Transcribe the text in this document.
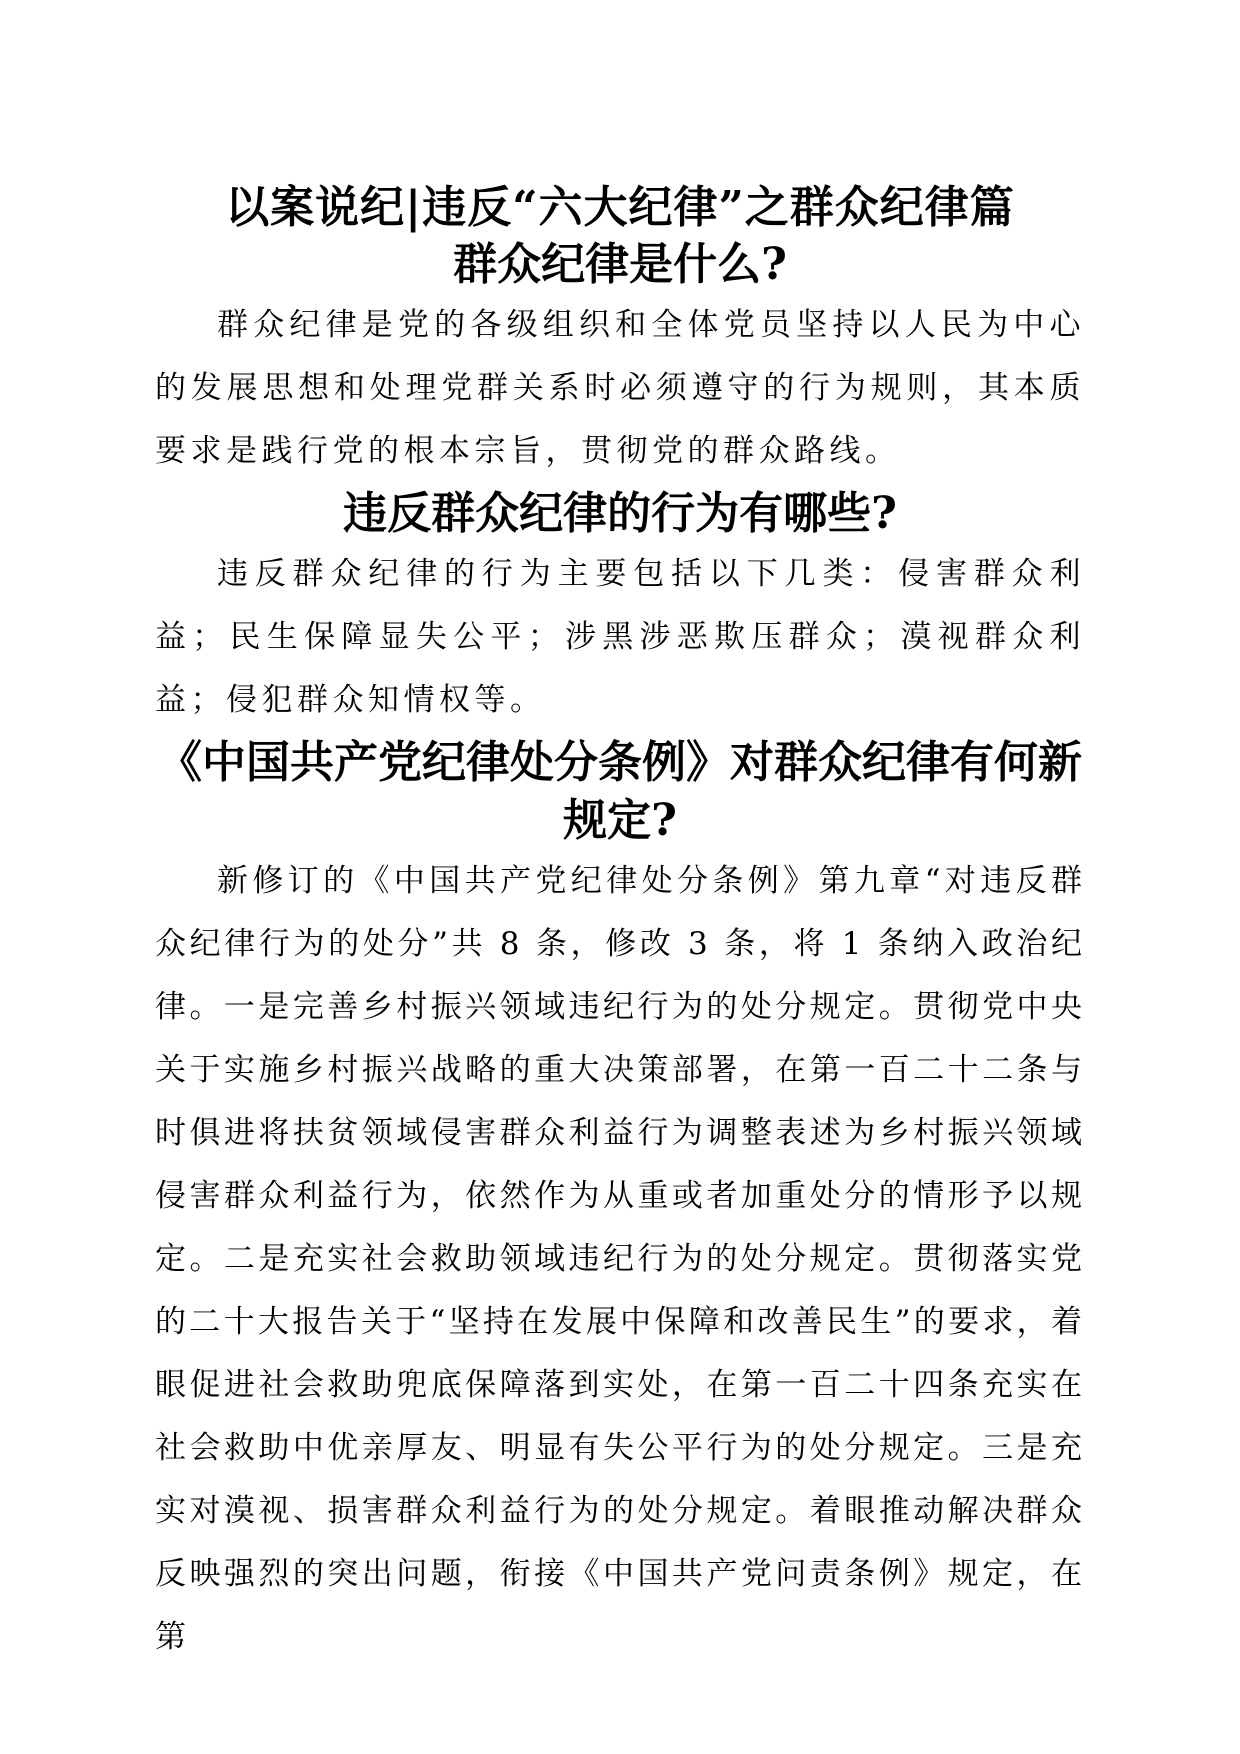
以案说纪|违反“六大纪律”之群众纪律篇
群众纪律是什么?

群众纪律是党的各级组织和全体党员坚持以人民为中心的发展思想和处理党群关系时必须遵守的行为规则，其本质要求是践行党的根本宗旨，贯彻党的群众路线。

违反群众纪律的行为有哪些?

违反群众纪律的行为主要包括以下几类：侵害群众利益；民生保障显失公平；涉黑涉恶欺压群众；漠视群众利益；侵犯群众知情权等。

《中国共产党纪律处分条例》对群众纪律有何新规定?

新修订的《中国共产党纪律处分条例》第九章“对违反群众纪律行为的处分”共 8 条，修改 3 条，将 1 条纳入政治纪律。一是完善乡村振兴领域违纪行为的处分规定。贯彻党中央关于实施乡村振兴战略的重大决策部署，在第一百二十二条与时俱进将扶贫领域侵害群众利益行为调整表述为乡村振兴领域侵害群众利益行为，依然作为从重或者加重处分的情形予以规定。二是充实社会救助领域违纪行为的处分规定。贯彻落实党的二十大报告关于“坚持在发展中保障和改善民生”的要求，着眼促进社会救助兜底保障落到实处，在第一百二十四条充实在社会救助中优亲厚友、明显有失公平行为的处分规定。三是充实对漠视、损害群众利益行为的处分规定。着眼推动解决群众反映强烈的突出问题，衔接《中国共产党问责条例》规定，在第
